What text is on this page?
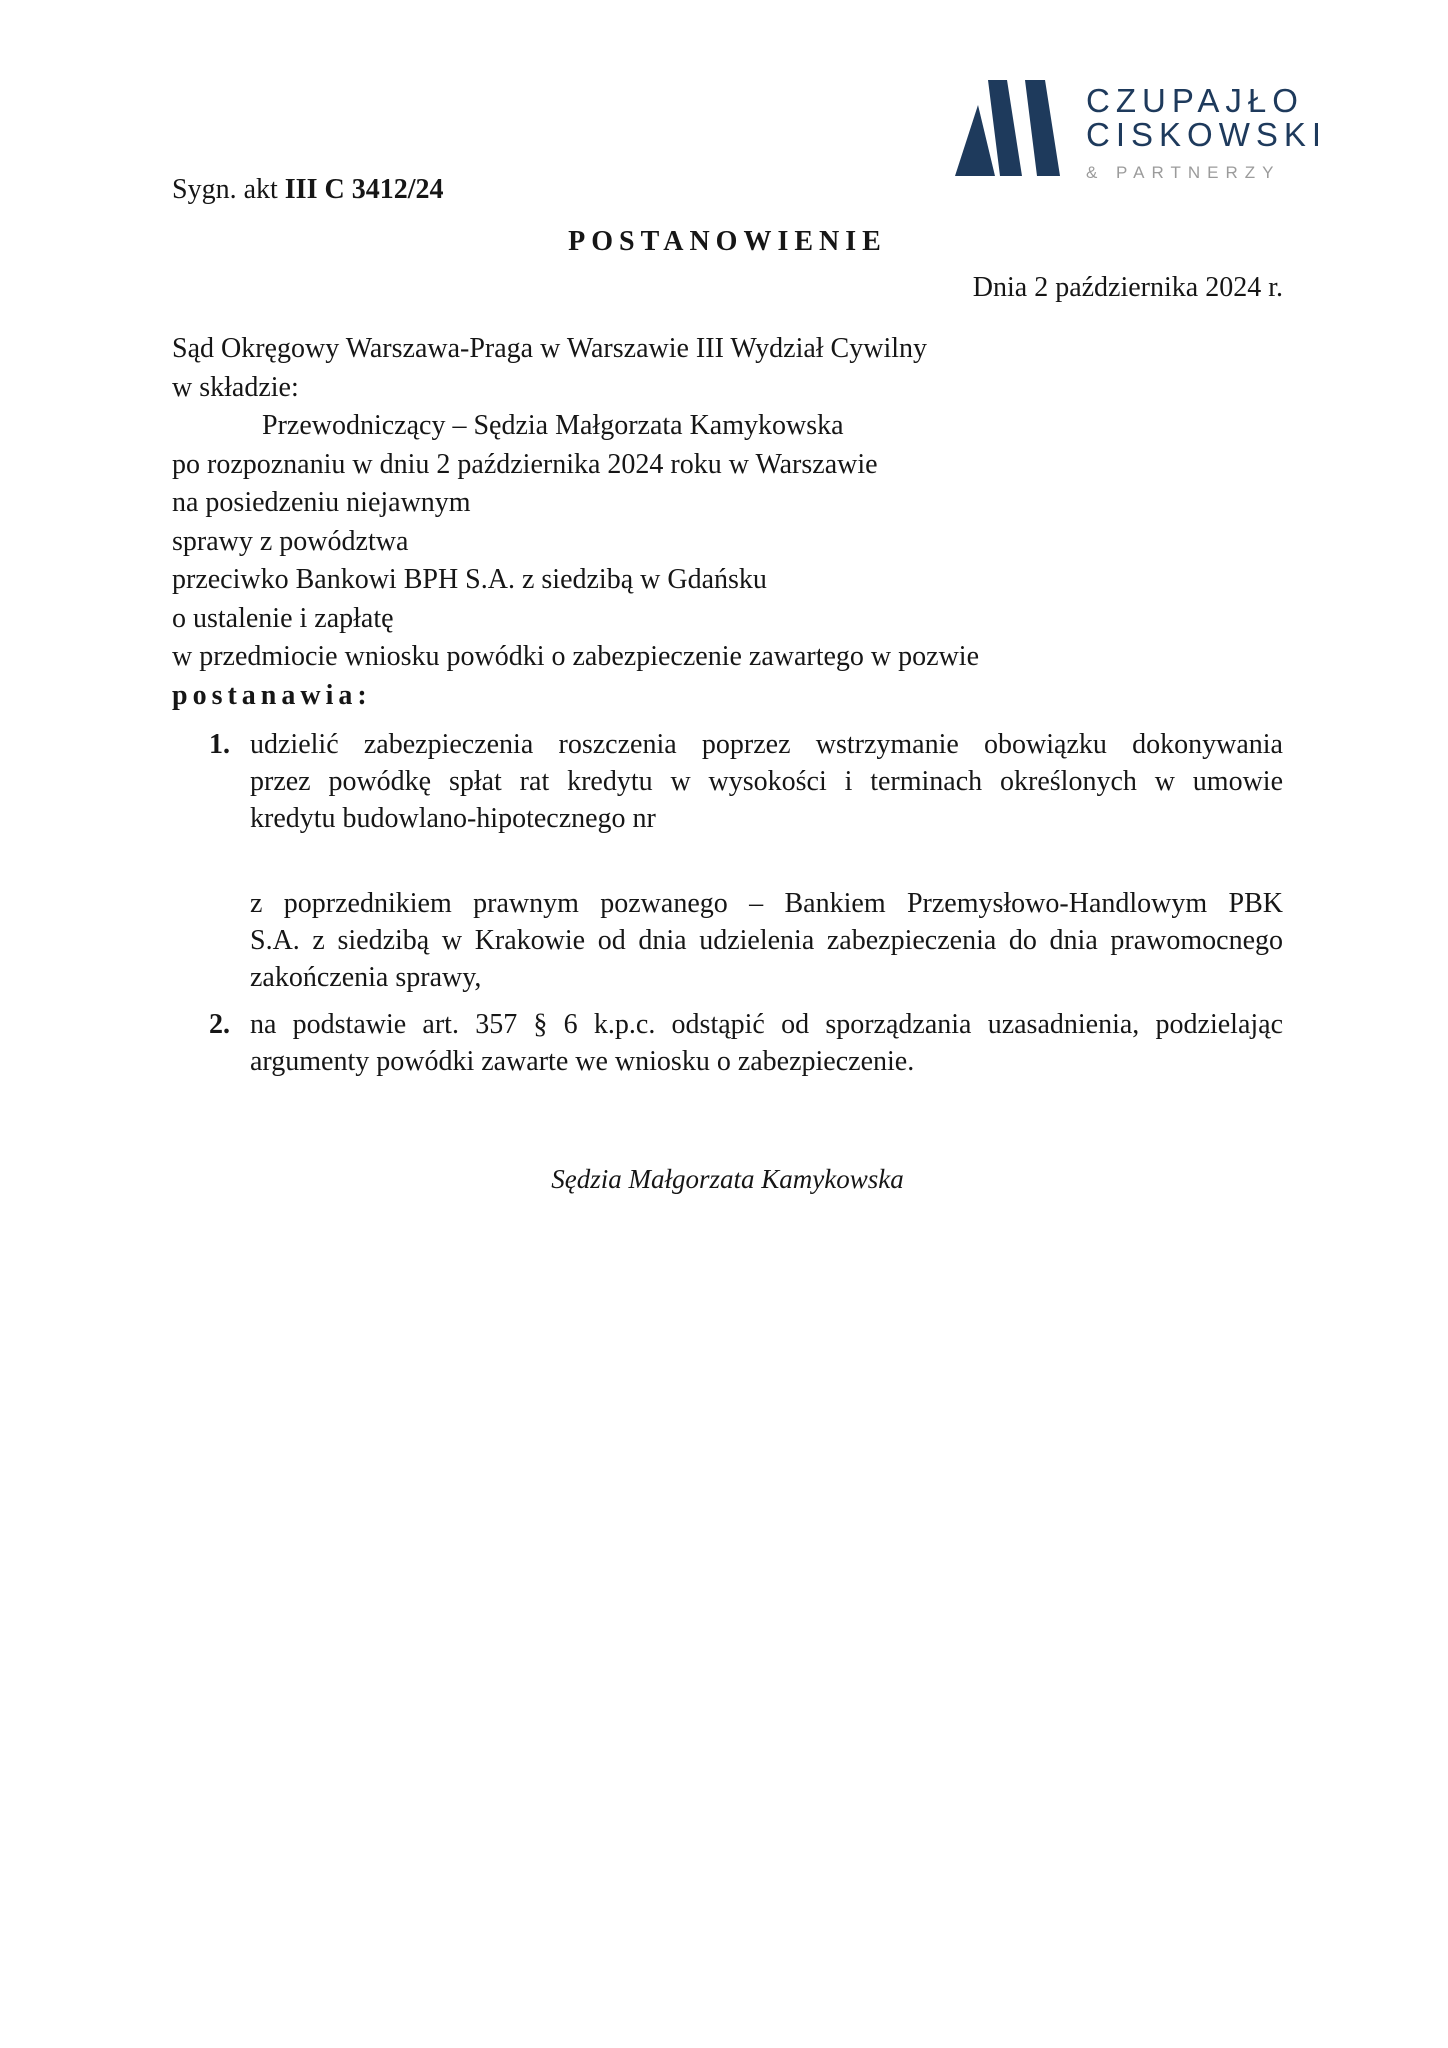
CZUPAJŁO
CISKOWSKI
& PARTNERZY
Sygn. akt III C 3412/24
POSTANOWIENIE
Dnia 2 października 2024 r.
Sąd Okręgowy Warszawa-Praga w Warszawie III Wydział Cywilny
w składzie:
Przewodniczący – Sędzia Małgorzata Kamykowska
po rozpoznaniu w dniu 2 października 2024 roku w Warszawie
na posiedzeniu niejawnym
sprawy z powództwa
przeciwko Bankowi BPH S.A. z siedzibą w Gdańsku
o ustalenie i zapłatę
w przedmiocie wniosku powódki o zabezpieczenie zawartego w pozwie
postanawia:
1. udzielić zabezpieczenia roszczenia poprzez wstrzymanie obowiązku dokonywania
przez powódkę spłat rat kredytu w wysokości i terminach określonych w umowie
kredytu budowlano-hipotecznego nr
z poprzednikiem prawnym pozwanego – Bankiem Przemysłowo-Handlowym PBK
S.A. z siedzibą w Krakowie od dnia udzielenia zabezpieczenia do dnia prawomocnego
zakończenia sprawy,
2. na podstawie art. 357 § 6 k.p.c. odstąpić od sporządzania uzasadnienia, podzielając
argumenty powódki zawarte we wniosku o zabezpieczenie.
Sędzia Małgorzata Kamykowska
